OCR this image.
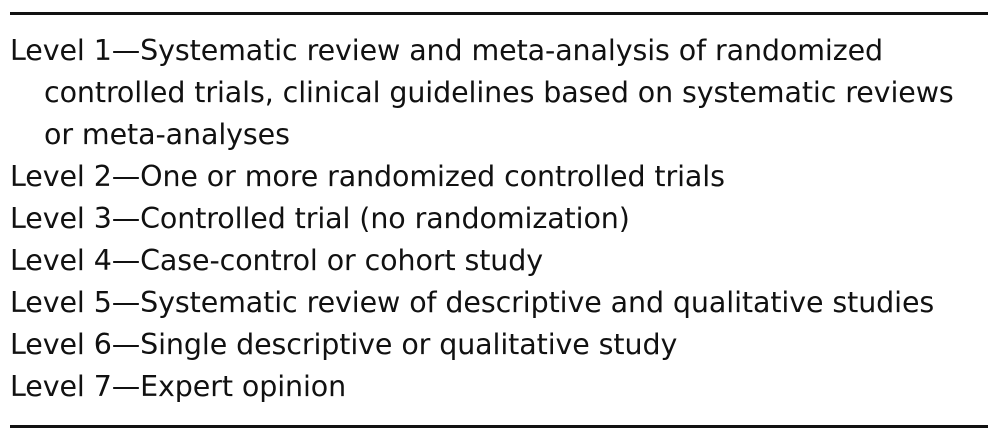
Level 1—Systematic review and meta-analysis of randomized controlled trials, clinical guidelines based on systematic reviews or meta-analyses
Level 2—One or more randomized controlled trials
Level 3—Controlled trial (no randomization)
Level 4—Case-control or cohort study
Level 5—Systematic review of descriptive and qualitative studies
Level 6—Single descriptive or qualitative study
Level 7—Expert opinion
